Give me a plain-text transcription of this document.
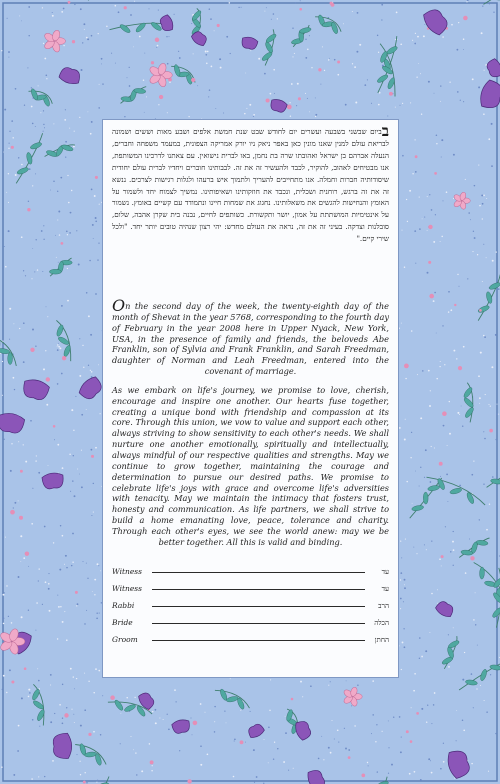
בביום שבשני בשבעה ועשרים יום לחודש שבט שנת חמשת אלפים ושבע מאות וששים ושמונה לבריאת עולם למנין שאנו מונין כאן באפר ניאק ניו יורק אמריקה הצפונית, במעמד משפחה וחברים, הנעלה אברהם בן ישראל ואהובתו שרה בת נחמן, באו לברית נישואין. עם צאתנו לדרכינו המשותפת, אנו מבטיחים לאהוב, להוקיר, לכבד ולהעשיר זה את זה. לבבותינו חוברים ויחדיו לברית עולם יחודית שיסודותיה חברות וחמלה. אנו מתחייבים להעריך ולתמוך איש ברעהו ולגלות רגישות לצרכים. ננשא זה את זה ברגש, רוחנית ושכלית, ונכבד את חוזקותינו ושאיפותינו. נמשיך לצמוח יחד ולשמור על האומץ והנחישות להגשים את משאלותינו. נחגוג את שמחות חיינו ונתמודד עם קשיים באומץ. נשמור על אינטימיות המושתתת על אמון, יושר ותקשורת. כשותפים לחיים, נבנה בית שקרן אהבה, שלום, סובלנות וצדקה. בעיני זה את זה, נראה את העולם מחדש: יהי רצון שנהיה טובים יותר יחד. "ולכל שירי קיים."

On the second day of the week, the twenty-eighth day of the month of Shevat in the year 5768, corresponding to the fourth day of February in the year 2008 here in Upper Nyack, New York, USA, in the presence of family and friends, the beloveds Abe Franklin, son of Sylvia and Frank Franklin, and Sarah Freedman, daughter of Norman and Leah Freedman, entered into the covenant of marriage.

As we embark on life's journey, we promise to love, cherish, encourage and inspire one another. Our hearts fuse together, creating a unique bond with friendship and compassion at its core. Through this union, we vow to value and support each other, always striving to show sensitivity to each other's needs. We shall nurture one another emotionally, spiritually and intellectually, always mindful of our respective qualities and strengths. May we continue to grow together, maintaining the courage and determination to pursue our desired paths. We promise to celebrate life's joys with grace and overcome life's adversities with tenacity. May we maintain the intimacy that fosters trust, honesty and communication. As life partners, we shall strive to build a home emanating love, peace, tolerance and charity. Through each other's eyes, we see the world anew: may we be better together. All this is valid and binding.

Witness	עד
Witness	עד
Rabbi	הרב
Bride	הכלה
Groom	החתן
